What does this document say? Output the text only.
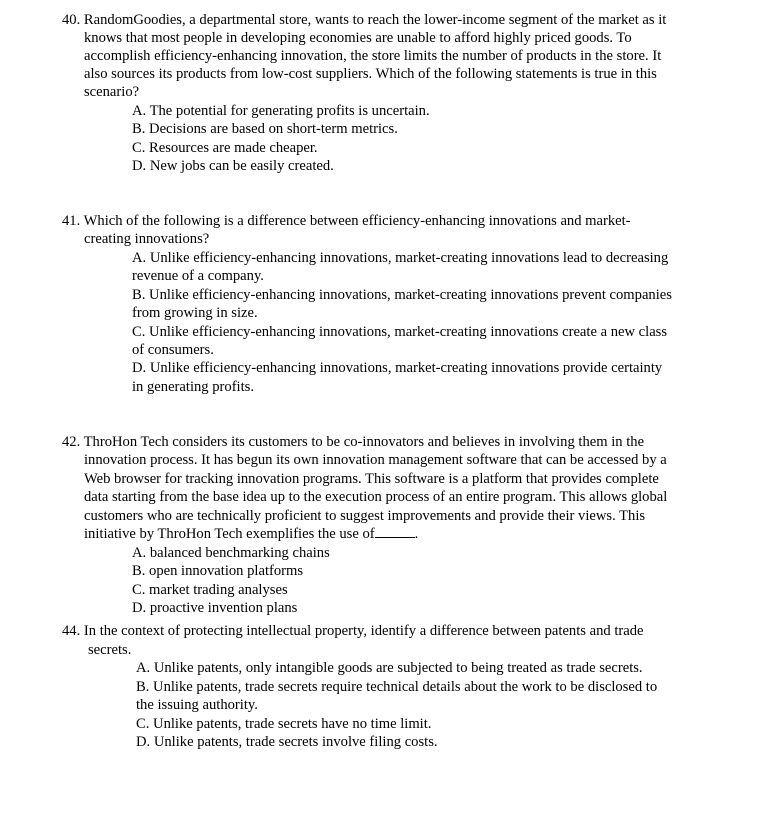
40. RandomGoodies, a departmental store, wants to reach the lower-income segment of the market as it
knows that most people in developing economies are unable to afford highly priced goods. To
accomplish efficiency-enhancing innovation, the store limits the number of products in the store. It
also sources its products from low-cost suppliers. Which of the following statements is true in this
scenario?
A. The potential for generating profits is uncertain.
B. Decisions are based on short-term metrics.
C. Resources are made cheaper.
D. New jobs can be easily created.
41. Which of the following is a difference between efficiency-enhancing innovations and market-
creating innovations?
A. Unlike efficiency-enhancing innovations, market-creating innovations lead to decreasing
revenue of a company.
B. Unlike efficiency-enhancing innovations, market-creating innovations prevent companies
from growing in size.
C. Unlike efficiency-enhancing innovations, market-creating innovations create a new class
of consumers.
D. Unlike efficiency-enhancing innovations, market-creating innovations provide certainty
in generating profits.
42. ThroHon Tech considers its customers to be co-innovators and believes in involving them in the
innovation process. It has begun its own innovation management software that can be accessed by a
Web browser for tracking innovation programs. This software is a platform that provides complete
data starting from the base idea up to the execution process of an entire program. This allows global
customers who are technically proficient to suggest improvements and provide their views. This
initiative by ThroHon Tech exemplifies the use of	.
A. balanced benchmarking chains
B. open innovation platforms
C. market trading analyses
D. proactive invention plans
44. In the context of protecting intellectual property, identify a difference between patents and trade
secrets.
A. Unlike patents, only intangible goods are subjected to being treated as trade secrets.
B. Unlike patents, trade secrets require technical details about the work to be disclosed to
the issuing authority.
C. Unlike patents, trade secrets have no time limit.
D. Unlike patents, trade secrets involve filing costs.
